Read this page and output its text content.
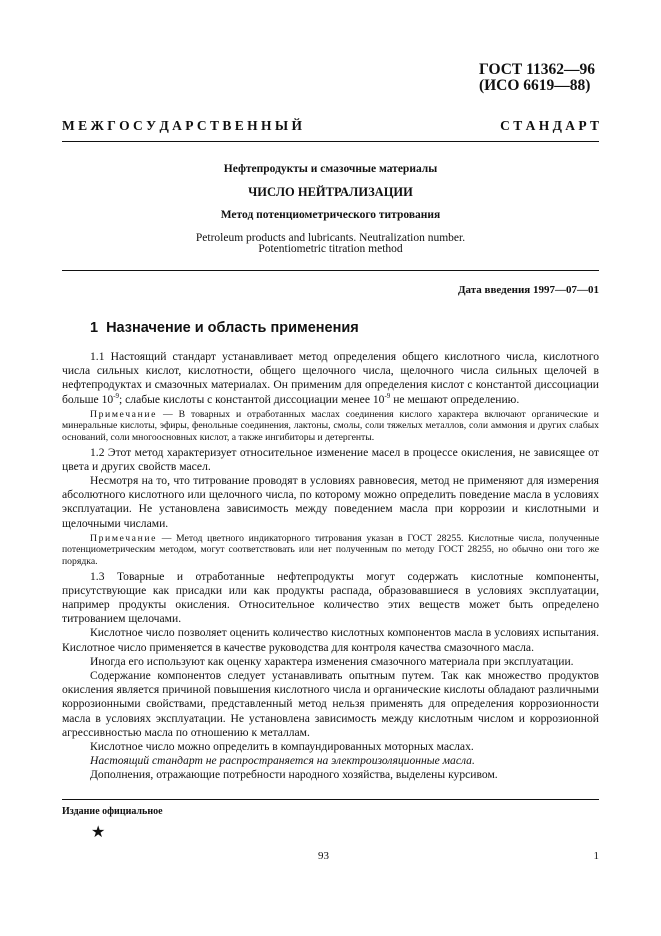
ГОСТ 11362—96
(ИСО 6619—88)
М Е Ж Г О С У Д А Р С Т В Е Н Н Ы Й	С Т А Н Д А Р Т
Нефтепродукты и смазочные материалы
ЧИСЛО НЕЙТРАЛИЗАЦИИ
Метод потенциометрического титрования
Petroleum products and lubricants. Neutralization number.
Potentiometric titration method
Дата введения 1997—07—01
1 Назначение и область применения

1.1 Настоящий стандарт устанавливает метод определения общего кислотного числа, кислотного числа сильных кислот, кислотности, общего щелочного числа, щелочного числа сильных щелочей в нефтепродуктах и смазочных материалах. Он применим для определения кислот с константой диссоциации больше $10^{-9}$; слабые кислоты с константой диссоциации менее $10^{-9}$ не мешают определению.

Примечание — В товарных и отработанных маслах соединения кислого характера включают органические и минеральные кислоты, эфиры, фенольные соединения, лактоны, смолы, соли тяжелых металлов, соли аммония и других слабых оснований, соли многоосновных кислот, а также ингибиторы и детергенты.

1.2 Этот метод характеризует относительное изменение масел в процессе окисления, не зависящее от цвета и других свойств масел.

Несмотря на то, что титрование проводят в условиях равновесия, метод не применяют для измерения абсолютного кислотного или щелочного числа, по которому можно определить поведение масла в условиях эксплуатации. Не установлена зависимость между поведением масла при коррозии и кислотными и щелочными числами.

Примечание — Метод цветного индикаторного титрования указан в ГОСТ 28255. Кислотные числа, полученные потенциометрическим методом, могут соответствовать или нет полученным по методу ГОСТ 28255, но обычно они того же порядка.

1.3 Товарные и отработанные нефтепродукты могут содержать кислотные компоненты, присутствующие как присадки или как продукты распада, образовавшиеся в условиях эксплуатации, например продукты окисления. Относительное количество этих веществ может быть определено титрованием щелочами.

Кислотное число позволяет оценить количество кислотных компонентов масла в условиях испытания. Кислотное число применяется в качестве руководства для контроля качества смазочного масла.

Иногда его используют как оценку характера изменения смазочного материала при эксплуатации.

Содержание компонентов следует устанавливать опытным путем. Так как множество продуктов окисления является причиной повышения кислотного числа и органические кислоты обладают различными коррозионными свойствами, представленный метод нельзя применять для определения коррозионности масла в условиях эксплуатации. Не установлена зависимость между кислотным числом и коррозионной агрессивностью масла по отношению к металлам.

Кислотное число можно определить в компаундированных моторных маслах.

Настоящий стандарт не распространяется на электроизоляционные масла.

Дополнения, отражающие потребности народного хозяйства, выделены курсивом.

Издание официальное
★
93	1
